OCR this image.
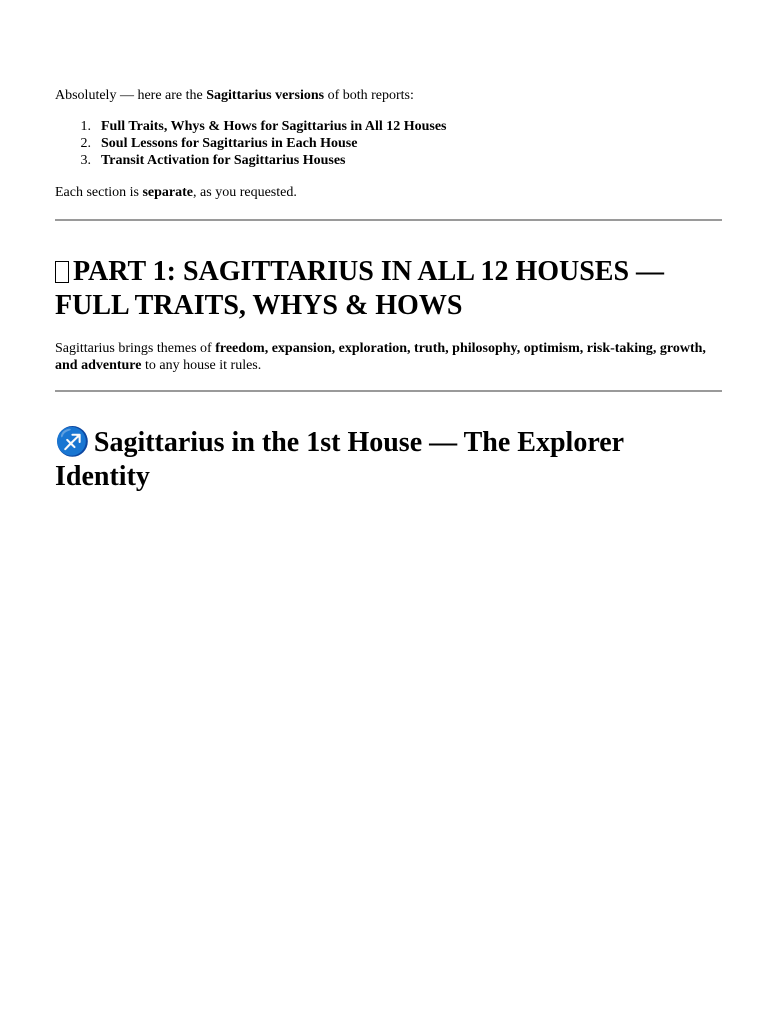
Absolutely — here are the Sagittarius versions of both reports:

1. Full Traits, Whys & Hows for Sagittarius in All 12 Houses
2. Soul Lessons for Sagittarius in Each House
3. Transit Activation for Sagittarius Houses

Each section is separate, as you requested.

PART 1: SAGITTARIUS IN ALL 12 HOUSES — FULL TRAITS, WHYS & HOWS

Sagittarius brings themes of freedom, expansion, exploration, truth, philosophy, optimism, risk-taking, growth, and adventure to any house it rules.

♐ Sagittarius in the 1st House — The Explorer Identity
